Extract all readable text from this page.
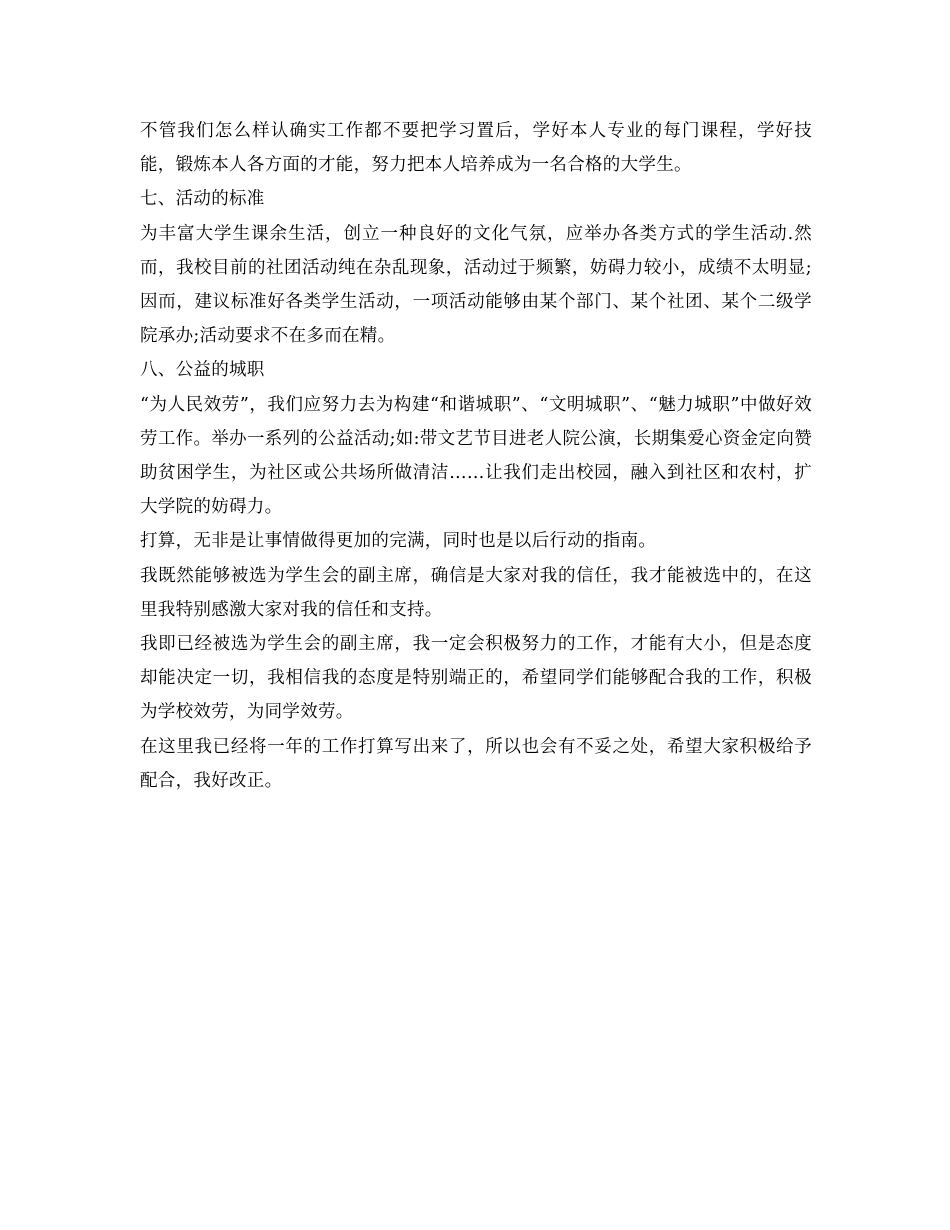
不管我们怎么样认确实工作都不要把学习置后，学好本人专业的每门课程，学好技能，锻炼本人各方面的才能，努力把本人培养成为一名合格的大学生。

七、活动的标准

为丰富大学生课余生活，创立一种良好的文化气氛，应举办各类方式的学生活动.然而，我校目前的社团活动纯在杂乱现象，活动过于频繁，妨碍力较小，成绩不太明显;因而，建议标准好各类学生活动，一项活动能够由某个部门、某个社团、某个二级学院承办;活动要求不在多而在精。

八、公益的城职

“为人民效劳”，我们应努力去为构建“和谐城职”、“文明城职”、“魅力城职”中做好效劳工作。举办一系列的公益活动;如:带文艺节目进老人院公演，长期集爱心资金定向赞助贫困学生，为社区或公共场所做清洁……让我们走出校园，融入到社区和农村，扩大学院的妨碍力。

打算，无非是让事情做得更加的完满，同时也是以后行动的指南。

我既然能够被选为学生会的副主席，确信是大家对我的信任，我才能被选中的，在这里我特别感激大家对我的信任和支持。

我即已经被选为学生会的副主席，我一定会积极努力的工作，才能有大小，但是态度却能决定一切，我相信我的态度是特别端正的，希望同学们能够配合我的工作，积极为学校效劳，为同学效劳。

在这里我已经将一年的工作打算写出来了，所以也会有不妥之处，希望大家积极给予配合，我好改正。
